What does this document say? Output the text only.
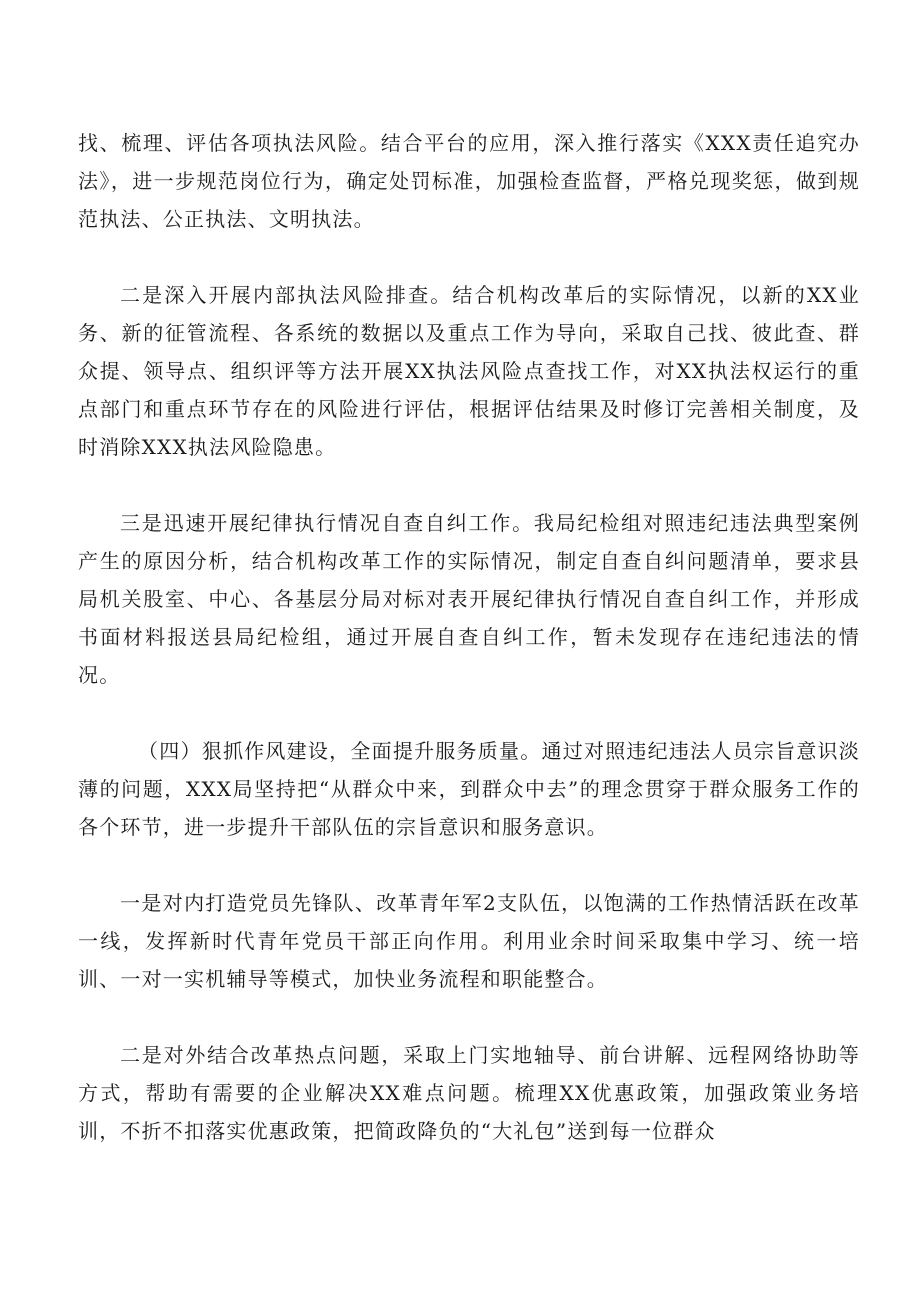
找、梳理、评估各项执法风险。结合平台的应用，深入推行落实《XXX责任追究办法》，进一步规范岗位行为，确定处罚标准，加强检查监督，严格兑现奖惩，做到规范执法、公正执法、文明执法。

二是深入开展内部执法风险排查。结合机构改革后的实际情况，以新的XX业务、新的征管流程、各系统的数据以及重点工作为导向，采取自己找、彼此查、群众提、领导点、组织评等方法开展XX执法风险点查找工作，对XX执法权运行的重点部门和重点环节存在的风险进行评估，根据评估结果及时修订完善相关制度，及时消除XXX执法风险隐患。

三是迅速开展纪律执行情况自查自纠工作。我局纪检组对照违纪违法典型案例产生的原因分析，结合机构改革工作的实际情况，制定自查自纠问题清单，要求县局机关股室、中心、各基层分局对标对表开展纪律执行情况自查自纠工作，并形成书面材料报送县局纪检组，通过开展自查自纠工作，暂未发现存在违纪违法的情况。

（四）狠抓作风建设，全面提升服务质量。通过对照违纪违法人员宗旨意识淡薄的问题，XXX局坚持把“从群众中来，到群众中去”的理念贯穿于群众服务工作的各个环节，进一步提升干部队伍的宗旨意识和服务意识。

一是对内打造党员先锋队、改革青年军2支队伍，以饱满的工作热情活跃在改革一线，发挥新时代青年党员干部正向作用。利用业余时间采取集中学习、统一培训、一对一实机辅导等模式，加快业务流程和职能整合。

二是对外结合改革热点问题，采取上门实地轴导、前台讲解、远程网络协助等方式，帮助有需要的企业解决XX难点问题。梳理XX优惠政策，加强政策业务培训，不折不扣落实优惠政策，把简政降负的“大礼包”送到每一位群众
